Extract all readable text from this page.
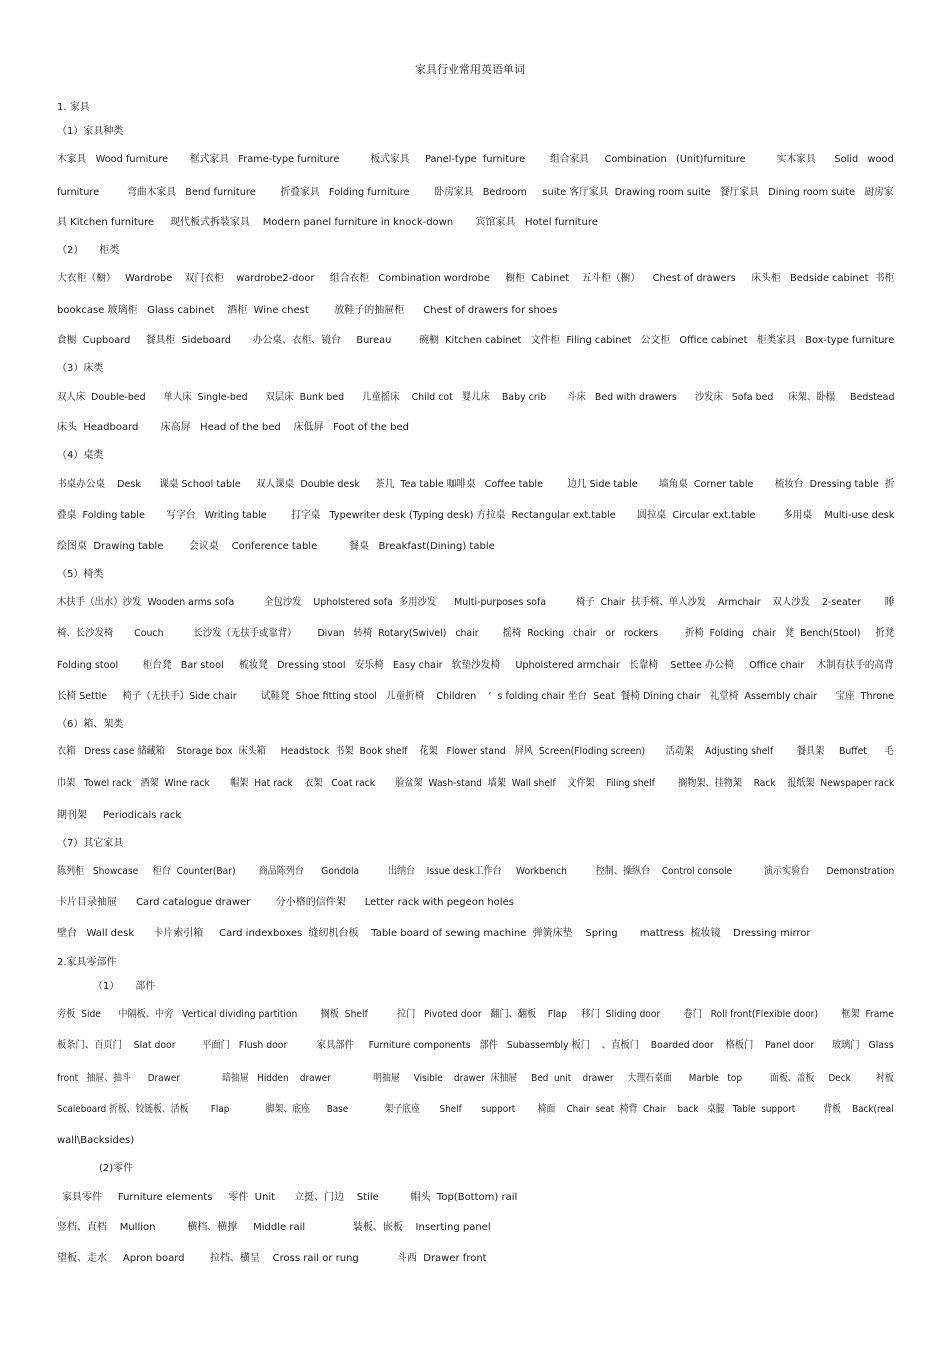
家具行业常用英语单词
1. 家具
（1）家具种类
木家具   Wood furniture       框式家具   Frame-type furniture          板式家具     Panel-type  furniture        组合家具     Combination   (Unit)furniture          实木家具      Solid   wood
furniture         弯曲木家具   Bend furniture        折叠家具   Folding furniture        卧房家具   Bedroom     suite 客厅家具  Drawing room suite   餐厅家具   Dining room suite   厨房家
具 Kitchen furniture     现代板式拆装家具    Modern panel furniture in knock-down       宾馆家具   Hotel furniture
（2）     柜类
大衣柜（橱）   Wardrobe    双门衣柜    wardrobe2-door     组合衣柜   Combination wordrobe     橱柜  Cabinet    五斗柜（橱）    Chest of drawers     床头柜   Bedside cabinet  书柜
bookcase 玻璃柜   Glass cabinet    酒柜  Wine chest        放鞋子的抽屉柜      Chest of drawers for shoes
食橱  Cupboard     餐具柜  Sideboard       办公桌、衣柜、镜台     Bureau         碗橱  Kitchen cabinet   文件柜  Filing cabinet   公文柜   Office cabinet   柜类家具   Box-type furniture
（3）床类
双人床  Double-bed      单人床  Single-bed      双层床  Bunk bed      儿童摇床    Child cot   婴儿床    Baby crib       斗床   Bed with drawers      沙发床   Sofa bed     床架、卧榻     Bedstead
床头  Headboard       床高屏   Head of the bed    床低屏   Foot of the bed
（4）桌类
书桌办公桌    Desk      课桌 School table     双人课桌  Double desk     茶几  Tea table 咖啡桌   Coffee table        边几 Side table       墙角桌  Corner table       梳妆台  Dressing table  折
叠桌  Folding table       写字台   Writing table        打字桌   Typewriter desk (Typing desk) 方拉桌  Rectangular ext.table       圆拉桌  Circular ext.table         多用桌    Multi-use desk
绘图桌  Drawing table        会议桌    Conference table          餐桌   Breakfast(Dining) table
（5）椅类
木扶手（出水）沙发  Wooden arms sofa          全包沙发    Upholstered sofa  多用沙发      Multi-purposes sofa          椅子  Chair  扶手椅、单人沙发    Armchair    双人沙发    2-seater        睡
椅、长沙发椅       Couch          长沙发（无扶手或靠背）       Divan   转椅  Rotary(Swivel)   chair        摇椅  Rocking   chair   or   rockers         折椅  Folding   chair   凳  Bench(Stool)     折凳
Folding stool        柜台凳   Bar stool     梳妆凳   Dressing stool   安乐椅   Easy chair   软垫沙发椅     Upholstered armchair   长靠椅    Settee 办公椅     Office chair    木制有扶手的高背
长椅 Settle     椅子（无扶手）Side chair        试鞋凳  Shoe fitting stool   儿童折椅    Children    ’  s folding chair 坐台  Seat  餐椅 Dining chair   礼堂椅  Assembly chair      宝座  Throne
（6）箱、架类
衣箱   Dress case 储藏箱    Storage box  床头箱     Headstock  书架  Book shelf    花架   Flower stand   屏风  Screen(Floding screen)       活动架    Adjusting shelf        餐具架     Buffet      毛
巾架   Towel rack   酒架  Wine rack       帽架  Hat rack    衣架   Coat rack       脸盆架  Wash-stand  墙架  Wall shelf    文件架    Filing shelf        搁物架、挂物架    Rack    报纸架  Newspaper rack
期刊架     Periodicals rack
（7）其它家具
陈列柜   Showcase     柜台  Counter(Bar)        商品陈列台      Gondola          出纳台    Issue desk工作台     Workbench          控制、操纵台    Control console           演示实验台      Demonstration
卡片目录抽屉      Card catalogue drawer        分小格的信件架      Letter rack with pegeon holes
壁台   Wall desk      卡片索引箱     Card indexboxes  缝纫机台板    Table board of sewing machine  弹簧床垫    Spring       mattress  梳妆镜    Dressing mirror
2.家具零部件
（1）     部件
旁板  Side      中隔板、中旁   Vertical dividing partition        搁板  Shelf          拉门   Pivoted door   翻门、翻板    Flap     移门  Sliding door        卷门   Roll front(Flexible door)        框架  Frame
板条门、百页门    Slat door         平面门   Flush door          家具部件     Furniture components   部件   Subassembly 板门    、直板门    Boarded door    格板门    Panel door      玻璃门   Glass
front   抽屉、抽斗      Drawer               暗抽屉   Hidden    drawer               明抽屉     Visible    drawer  床抽屉     Bed  unit    drawer     大理石桌面      Marble   top          面板、盖板     Deck         衬板
Scaleboard 折板、铰链板、活板        Flap             脚架、底座      Base             架子底座       Shelf       support        椅面    Chair  seat  椅背  Chair    back   桌腿   Table  support          背板    Back(real
wall\Backsides)
(2)零件
家具零件     Furniture elements     零件  Unit      立挺、门边    Stile          帽头  Top(Bottom) rail
竖档、直档    Mullion          横档、横撑     Middle rail               装板、嵌板    Inserting panel
望板、走水     Apron board        拉档、横呈    Cross rail or rung            斗西  Drawer front
